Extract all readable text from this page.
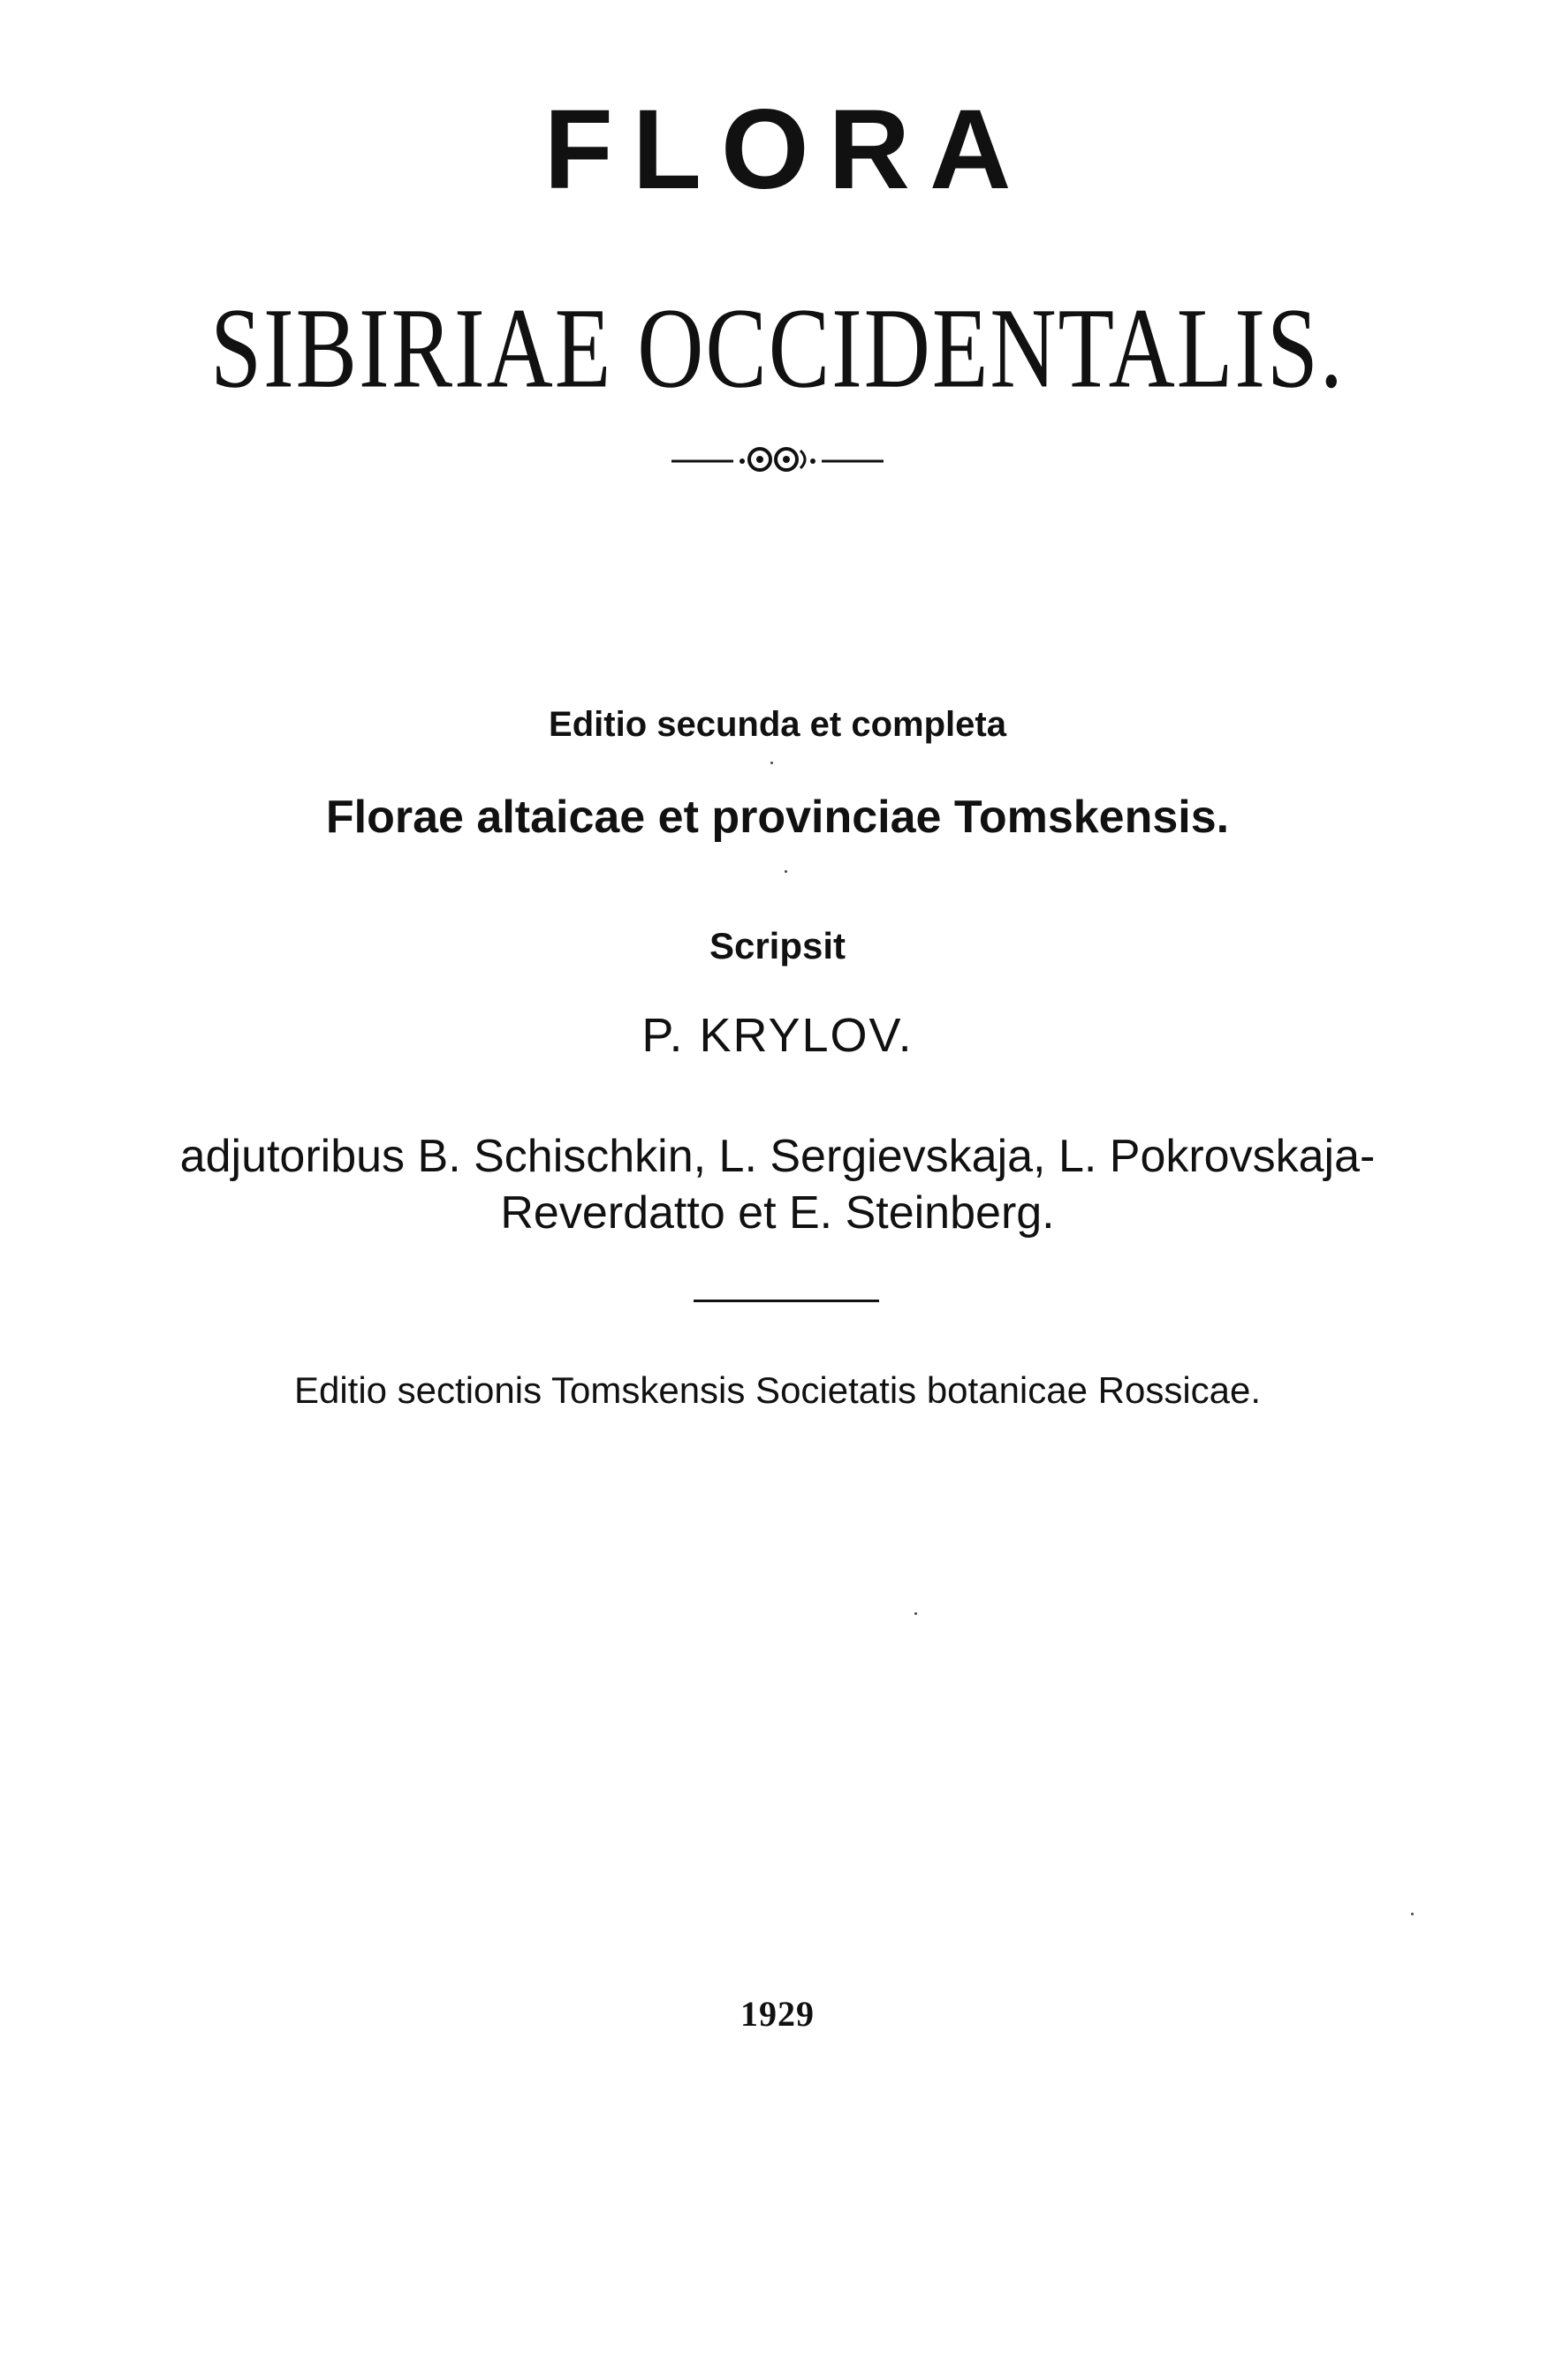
FLORA
SIBIRIAE OCCIDENTALIS.
Editio secunda et completa
Florae altaicae et provinciae Tomskensis.
Scripsit
P. KRYLOV.
adjutoribus B. Schischkin, L. Sergievskaja, L. Pokrovskaja-
Reverdatto et E. Steinberg.
Editio sectionis Tomskensis Societatis botanicae Rossicae.
1929
